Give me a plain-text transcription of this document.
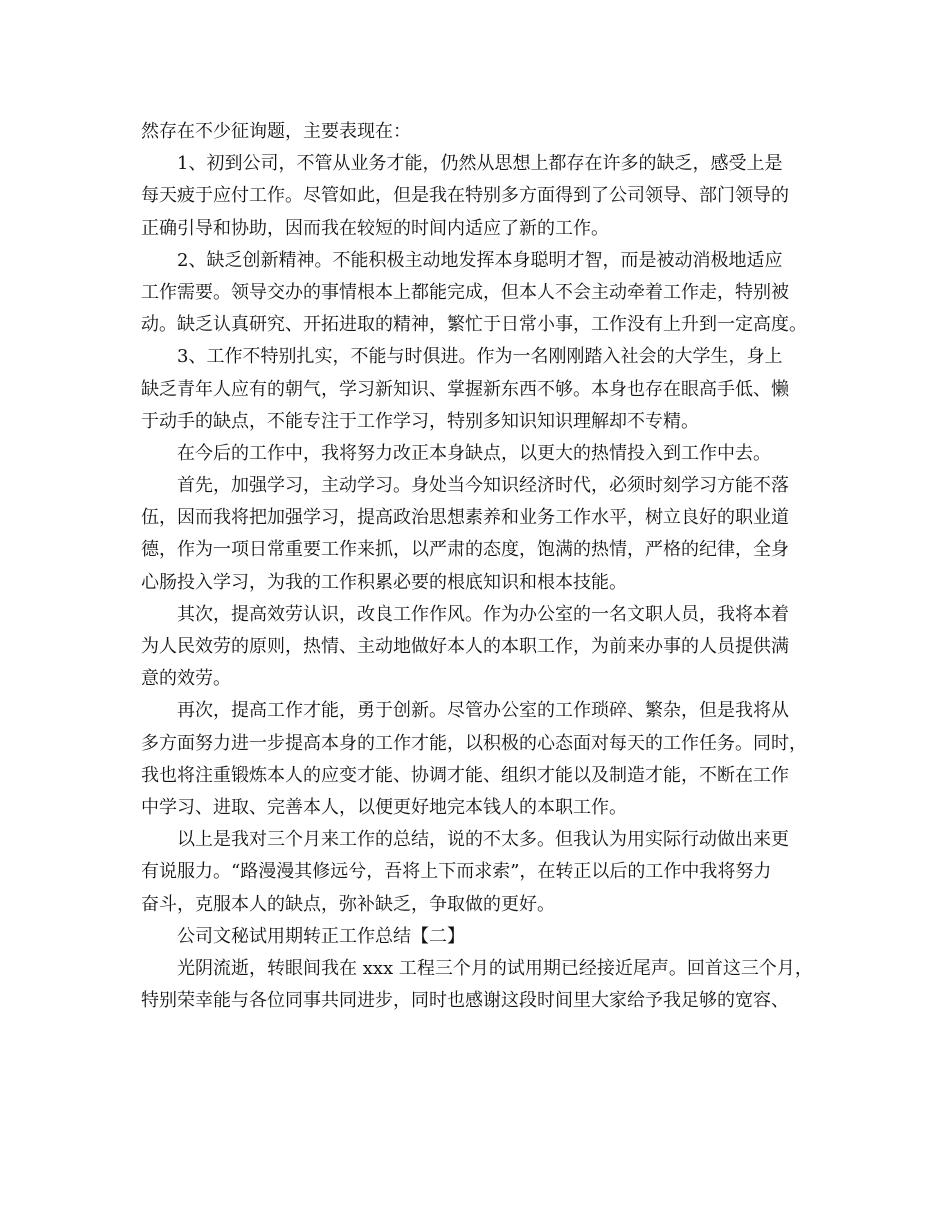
然存在不少征询题，主要表现在：
1、初到公司，不管从业务才能，仍然从思想上都存在许多的缺乏，感受上是
每天疲于应付工作。尽管如此，但是我在特别多方面得到了公司领导、部门领导的
正确引导和协助，因而我在较短的时间内适应了新的工作。
2、缺乏创新精神。不能积极主动地发挥本身聪明才智，而是被动消极地适应
工作需要。领导交办的事情根本上都能完成，但本人不会主动牵着工作走，特别被
动。缺乏认真研究、开拓进取的精神，繁忙于日常小事，工作没有上升到一定高度。
3、工作不特别扎实，不能与时俱进。作为一名刚刚踏入社会的大学生，身上
缺乏青年人应有的朝气，学习新知识、掌握新东西不够。本身也存在眼高手低、懒
于动手的缺点，不能专注于工作学习，特别多知识知识理解却不专精。
在今后的工作中，我将努力改正本身缺点，以更大的热情投入到工作中去。
首先，加强学习，主动学习。身处当今知识经济时代，必须时刻学习方能不落
伍，因而我将把加强学习，提高政治思想素养和业务工作水平，树立良好的职业道
德，作为一项日常重要工作来抓，以严肃的态度，饱满的热情，严格的纪律，全身
心肠投入学习，为我的工作积累必要的根底知识和根本技能。
其次，提高效劳认识，改良工作作风。作为办公室的一名文职人员，我将本着
为人民效劳的原则，热情、主动地做好本人的本职工作，为前来办事的人员提供满
意的效劳。
再次，提高工作才能，勇于创新。尽管办公室的工作琐碎、繁杂，但是我将从
多方面努力进一步提高本身的工作才能，以积极的心态面对每天的工作任务。同时，
我也将注重锻炼本人的应变才能、协调才能、组织才能以及制造才能，不断在工作
中学习、进取、完善本人，以便更好地完本钱人的本职工作。
以上是我对三个月来工作的总结，说的不太多。但我认为用实际行动做出来更
有说服力。“路漫漫其修远兮，吾将上下而求索”，在转正以后的工作中我将努力
奋斗，克服本人的缺点，弥补缺乏，争取做的更好。
公司文秘试用期转正工作总结【二】
光阴流逝，转眼间我在 xxx 工程三个月的试用期已经接近尾声。回首这三个月，
特别荣幸能与各位同事共同进步，同时也感谢这段时间里大家给予我足够的宽容、
